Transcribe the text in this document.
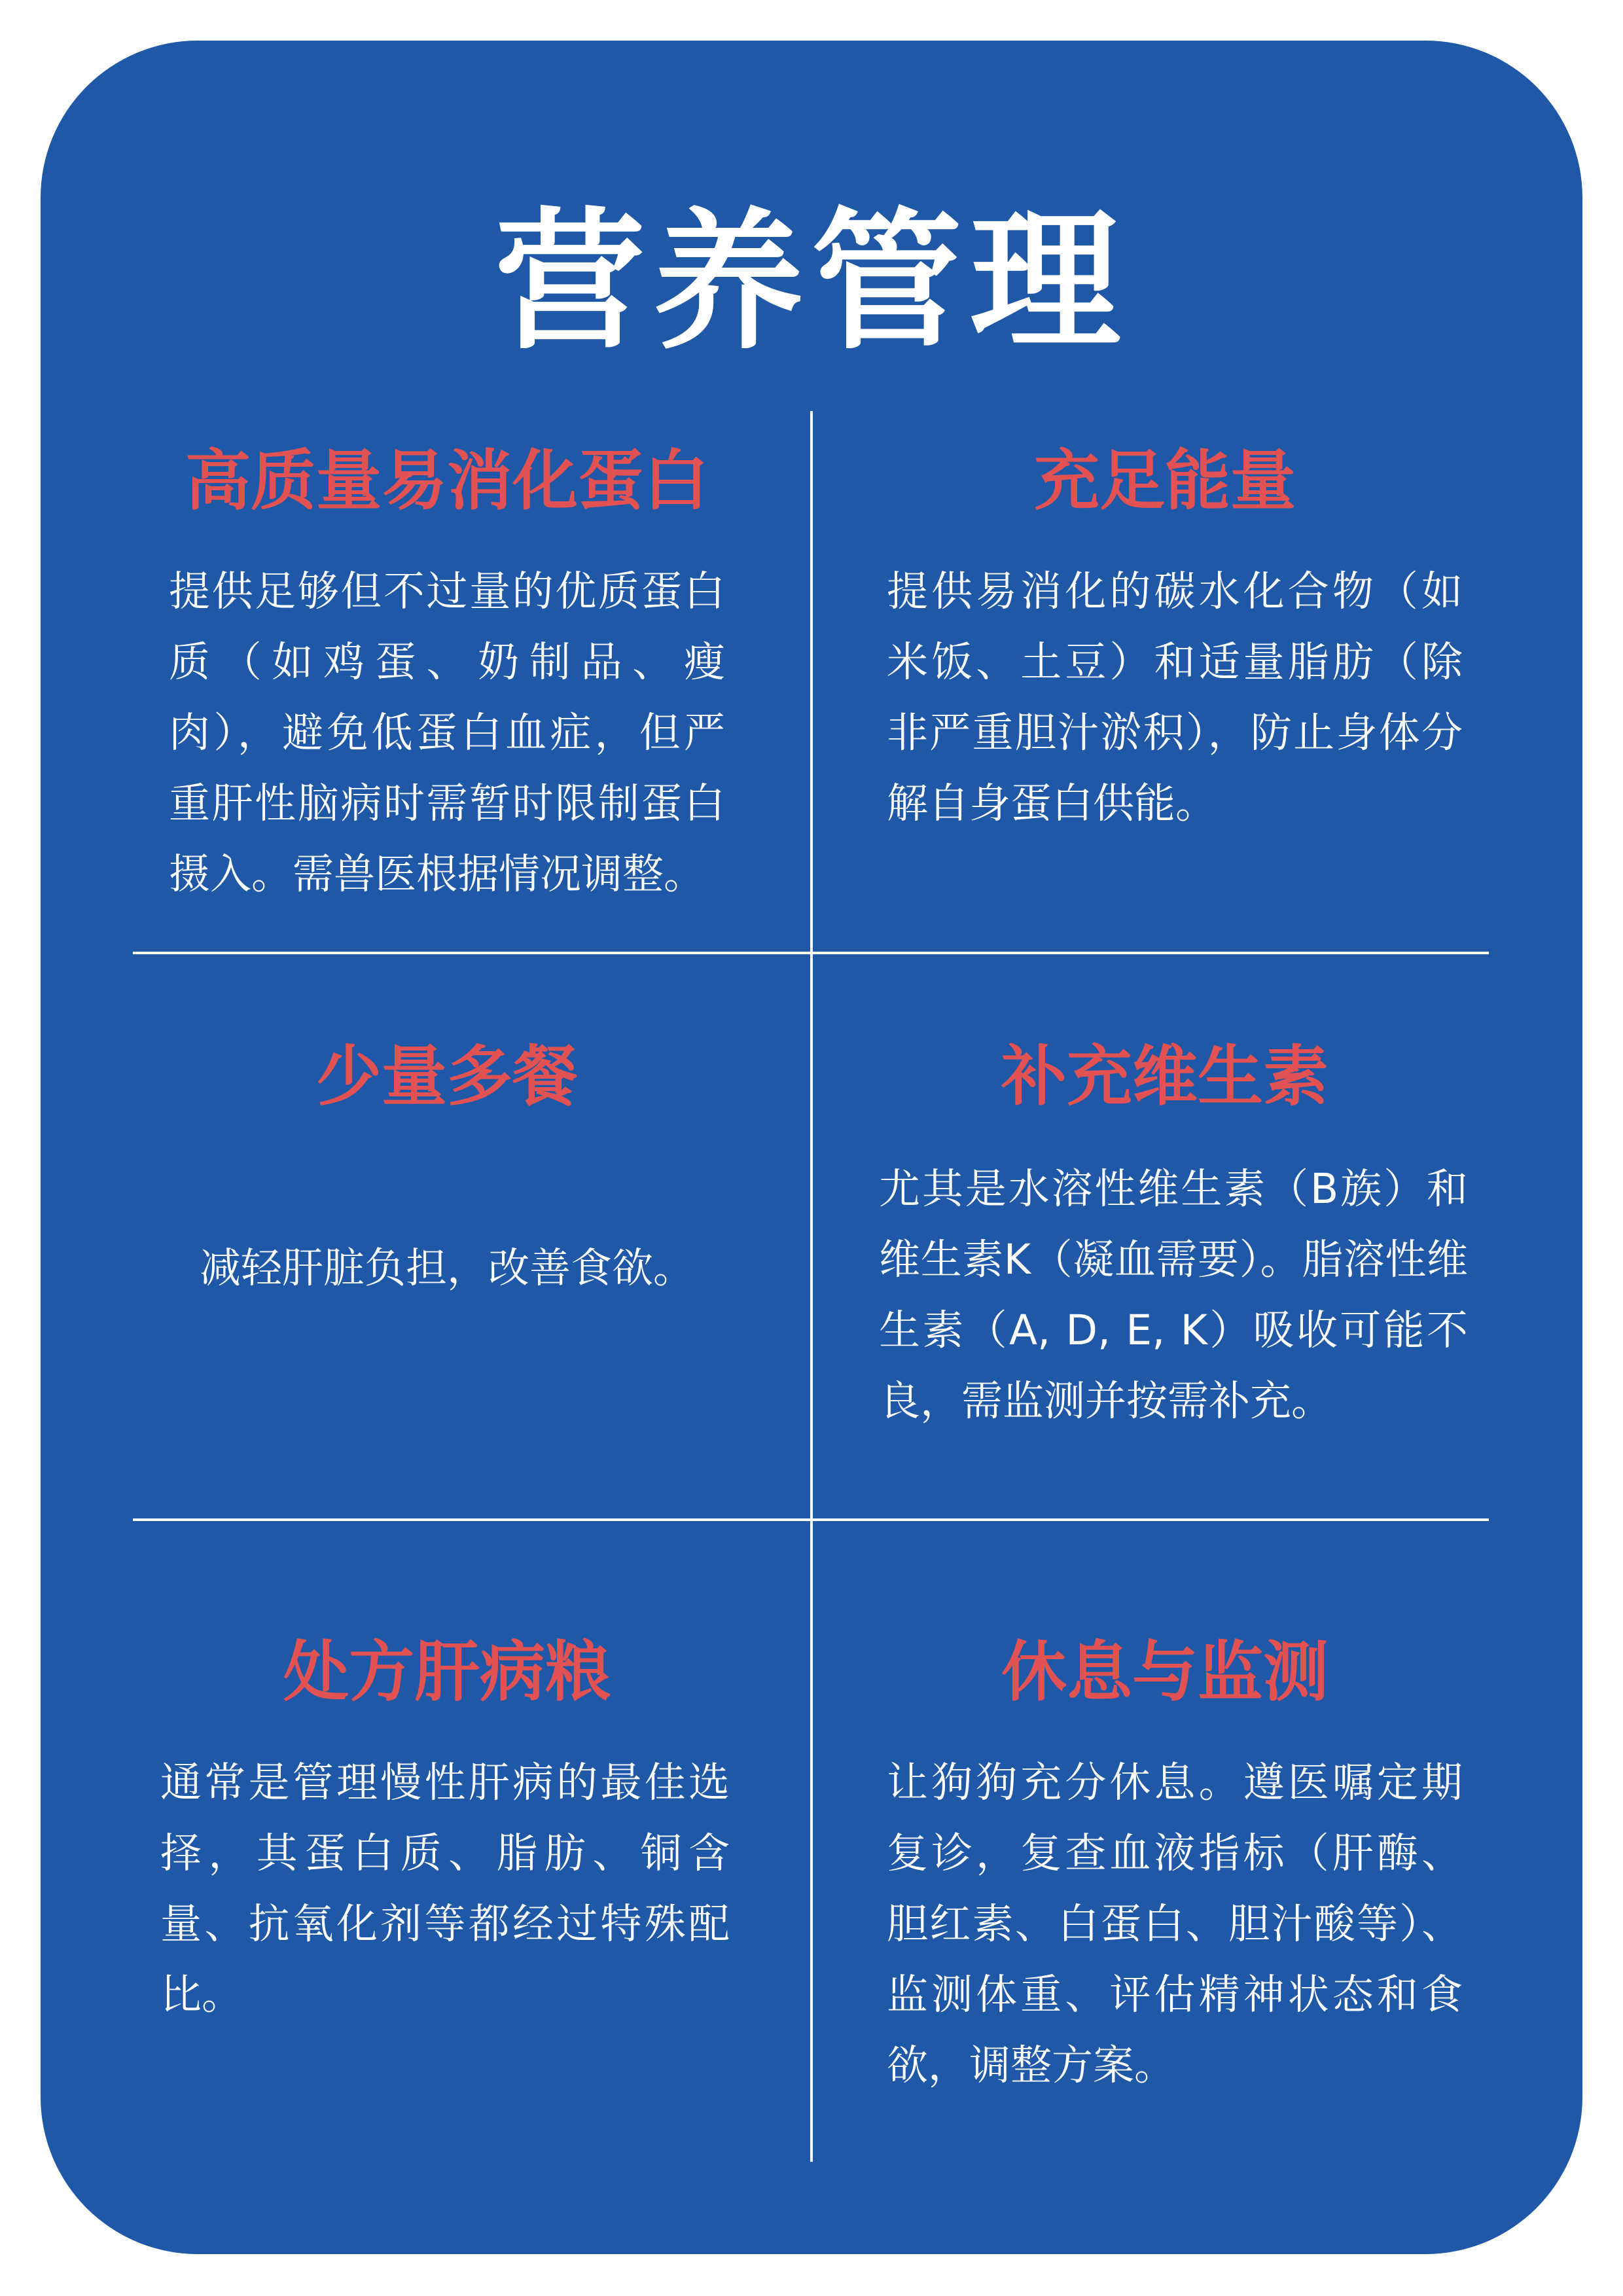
营养管理
高质量易消化蛋白
提供足够但不过量的优质蛋白质（如鸡蛋、奶制品、瘦肉），避免低蛋白血症，但严重肝性脑病时需暂时限制蛋白摄入。需兽医根据情况调整。
充足能量
提供易消化的碳水化合物（如米饭、土豆）和适量脂肪（除非严重胆汁淤积），防止身体分解自身蛋白供能。
少量多餐
减轻肝脏负担，改善食欲。
补充维生素
尤其是水溶性维生素（B族）和维生素K（凝血需要）。脂溶性维生素（A, D, E, K）吸收可能不良，需监测并按需补充。
处方肝病粮
通常是管理慢性肝病的最佳选择，其蛋白质、脂肪、铜含量、抗氧化剂等都经过特殊配比。
休息与监测
让狗狗充分休息。遵医嘱定期复诊，复查血液指标（肝酶、胆红素、白蛋白、胆汁酸等）、监测体重、评估精神状态和食欲，调整方案。
